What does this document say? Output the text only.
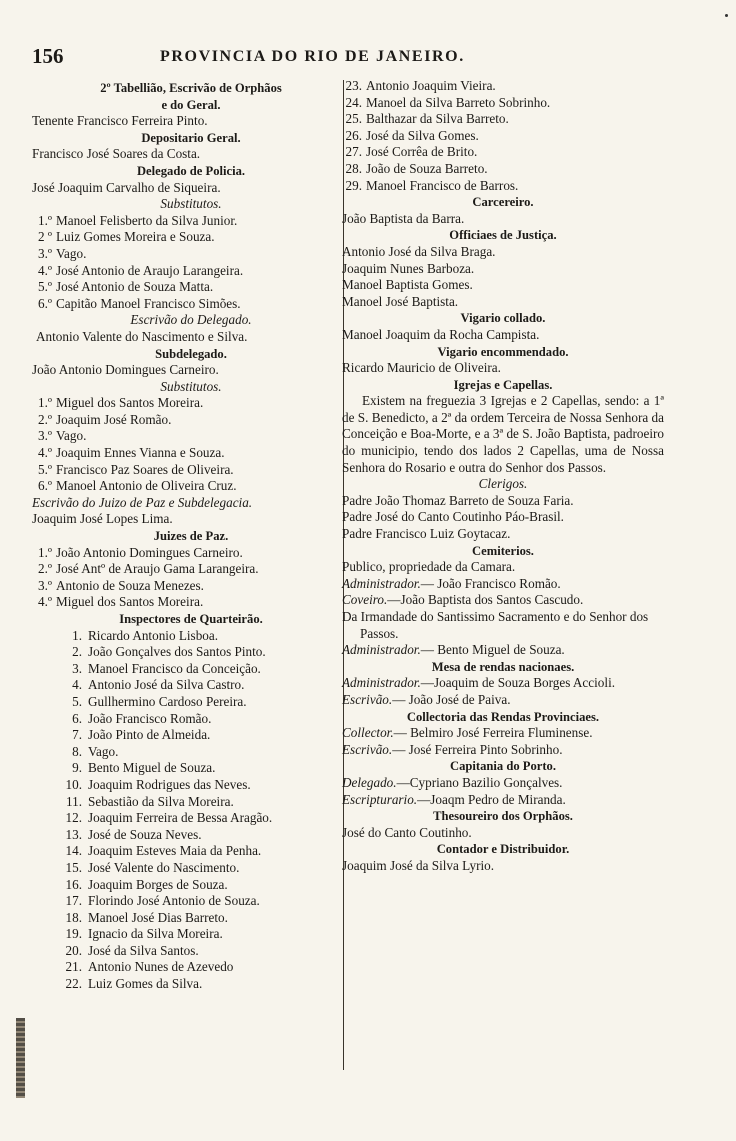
156	PROVINCIA DO RIO DE JANEIRO.
2º Tabellião, Escrivão de Orphãos
e do Geral.
Tenente Francisco Ferreira Pinto.
Depositario Geral.
Francisco José Soares da Costa.
Delegado de Policia.
José Joaquim Carvalho de Siqueira.
Substitutos.
1.º Manoel Felisberto da Silva Junior.
2 º Luiz Gomes Moreira e Souza.
3.º Vago.
4.º José Antonio de Araujo Larangeira.
5.º José Antonio de Souza Matta.
6.º Capitão Manoel Francisco Simões.
Escrivão do Delegado.
Antonio Valente do Nascimento e Silva.
Subdelegado.
João Antonio Domingues Carneiro.
Substitutos.
1.º Miguel dos Santos Moreira.
2.º Joaquim José Romão.
3.º Vago.
4.º Joaquim Ennes Vianna e Souza.
5.º Francisco Paz Soares de Oliveira.
6.º Manoel Antonio de Oliveira Cruz.
Escrivão do Juizo de Paz e Subdelegacia.
Joaquim José Lopes Lima.
Juizes de Paz.
1.º João Antonio Domingues Carneiro.
2.º José Antº de Araujo Gama Larangeira.
3.º Antonio de Souza Menezes.
4.º Miguel dos Santos Moreira.
Inspectores de Quarteirão.
1. Ricardo Antonio Lisboa.
2. João Gonçalves dos Santos Pinto.
3. Manoel Francisco da Conceição.
4. Antonio José da Silva Castro.
5. Gullhermino Cardoso Pereira.
6. João Francisco Romão.
7. João Pinto de Almeida.
8. Vago.
9. Bento Miguel de Souza.
10. Joaquim Rodrigues das Neves.
11. Sebastião da Silva Moreira.
12. Joaquim Ferreira de Bessa Aragão.
13. José de Souza Neves.
14. Joaquim Esteves Maia da Penha.
15. José Valente do Nascimento.
16. Joaquim Borges de Souza.
17. Florindo José Antonio de Souza.
18. Manoel José Dias Barreto.
19. Ignacio da Silva Moreira.
20. José da Silva Santos.
21. Antonio Nunes de Azevedo
22. Luiz Gomes da Silva.
23. Antonio Joaquim Vieira.
24. Manoel da Silva Barreto Sobrinho.
25. Balthazar da Silva Barreto.
26. José da Silva Gomes.
27. José Corrêa de Brito.
28. João de Souza Barreto.
29. Manoel Francisco de Barros.
Carcereiro.
João Baptista da Barra.
Officiaes de Justiça.
Antonio José da Silva Braga.
Joaquim Nunes Barboza.
Manoel Baptista Gomes.
Manoel José Baptista.
Vigario collado.
Manoel Joaquim da Rocha Campista.
Vigario encommendado.
Ricardo Mauricio de Oliveira.
Igrejas e Capellas.
Existem na freguezia 3 Igrejas e 2 Capellas, sendo: a 1ª de S. Benedicto, a 2ª da ordem Terceira de Nossa Senhora da Conceição e Boa-Morte, e a 3ª de S. João Baptista, padroeiro do municipio, tendo dos lados 2 Capellas, uma de Nossa Senhora do Rosario e outra do Senhor dos Passos.
Clerigos.
Padre João Thomaz Barreto de Souza Faria.
Padre José do Canto Coutinho Páo-Brasil.
Padre Francisco Luiz Goytacaz.
Cemiterios.
Publico, propriedade da Camara.
Administrador.— João Francisco Romão.
Coveiro.—João Baptista dos Santos Cascudo.
Da Irmandade do Santissimo Sacramento e do Senhor dos Passos.
Administrador.— Bento Miguel de Souza.
Mesa de rendas nacionaes.
Administrador.—Joaquim de Souza Borges Accioli.
Escrivão.— João José de Paiva.
Collectoria das Rendas Provinciaes.
Collector.— Belmiro José Ferreira Fluminense.
Escrivão.— José Ferreira Pinto Sobrinho.
Capitania do Porto.
Delegado.—Cypriano Bazilio Gonçalves.
Escripturario.—Joaqm Pedro de Miranda.
Thesoureiro dos Orphãos.
José do Canto Coutinho.
Contador e Distribuidor.
Joaquim José da Silva Lyrio.
